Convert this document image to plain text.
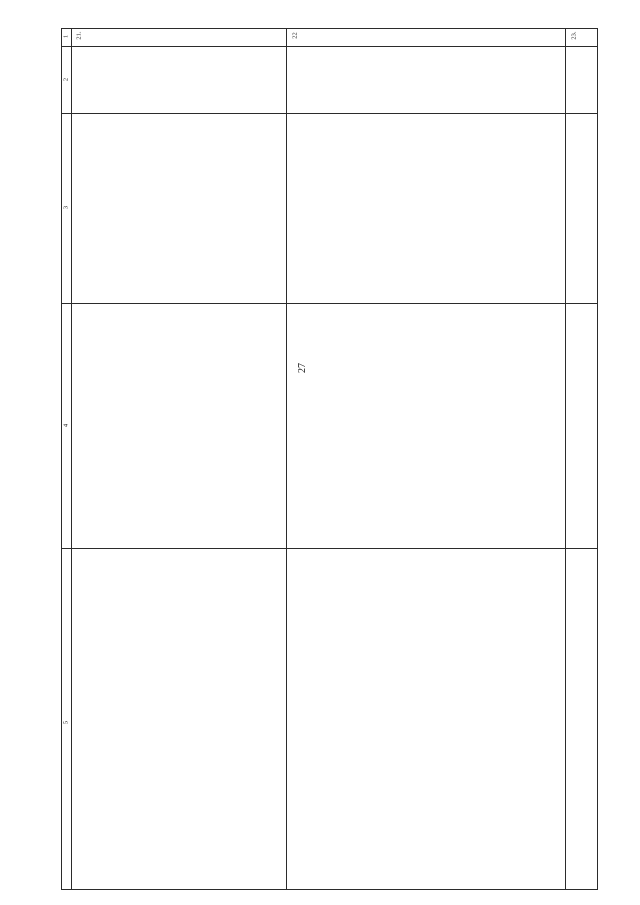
27
1
2
3
4
5
21.	22	23.
